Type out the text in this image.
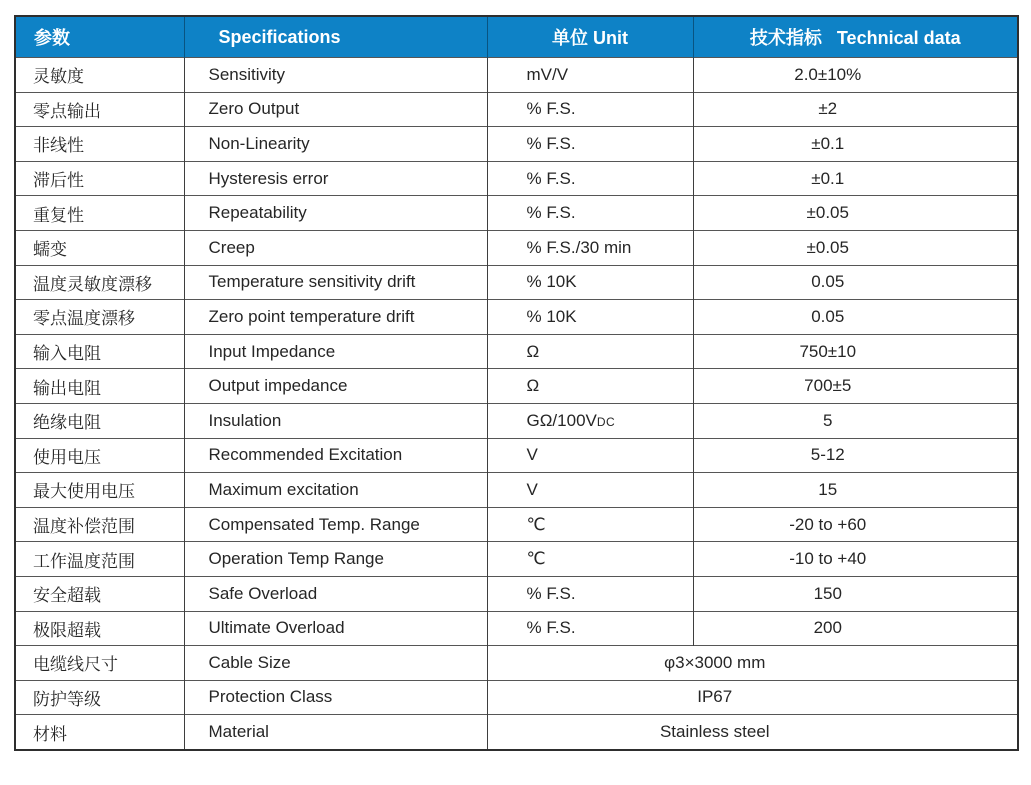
参数	Specifications	单位 Unit	技术指标   Technical data
灵敏度	Sensitivity	mV/V	2.0±10%
零点输出	Zero Output	% F.S.	±2
非线性	Non-Linearity	% F.S.	±0.1
滞后性	Hysteresis error	% F.S.	±0.1
重复性	Repeatability	% F.S.	±0.05
蠕变	Creep	% F.S./30 min	±0.05
温度灵敏度漂移	Temperature sensitivity drift	% 10K	0.05
零点温度漂移	Zero point temperature drift	% 10K	0.05
输入电阻	Input Impedance	Ω	750±10
输出电阻	Output impedance	Ω	700±5
绝缘电阻	Insulation	GΩ/100VDC	5
使用电压	Recommended Excitation	V	5-12
最大使用电压	Maximum excitation	V	15
温度补偿范围	Compensated Temp. Range	℃	-20 to +60
工作温度范围	Operation Temp Range	℃	-10 to +40
安全超载	Safe Overload	% F.S.	150
极限超载	Ultimate Overload	% F.S.	200
电缆线尺寸	Cable Size	φ3×3000 mm	
防护等级	Protection Class	IP67	
材料	Material	Stainless steel	
